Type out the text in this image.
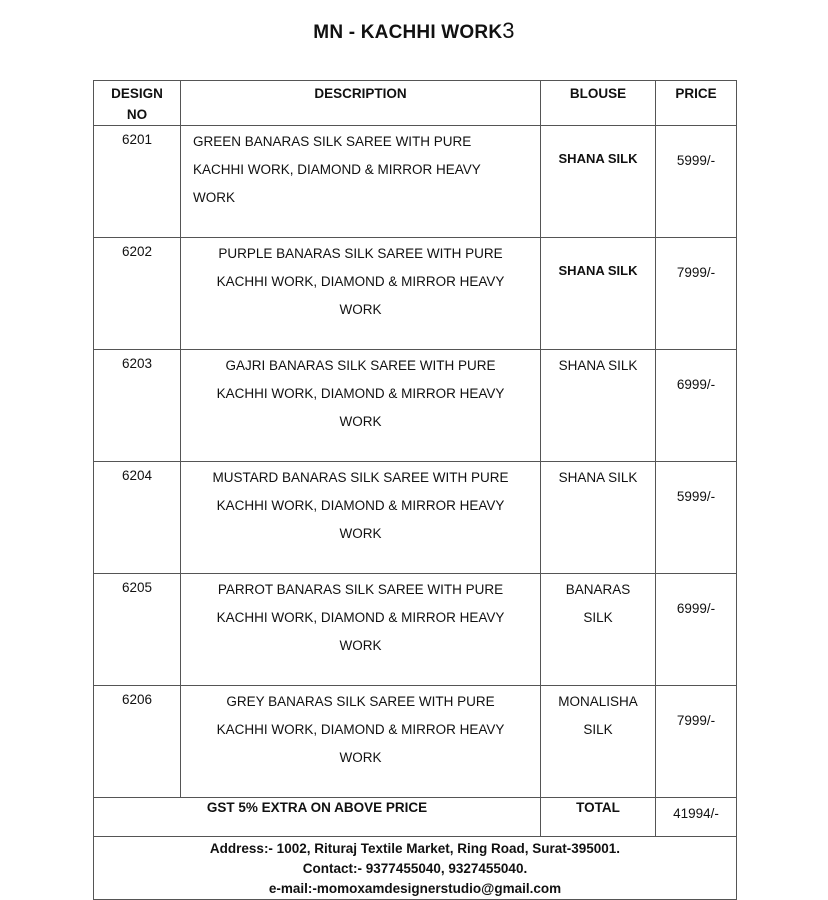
MN - KACHHI WORK3
DESIGN
NO	DESCRIPTION	BLOUSE	PRICE
6201	GREEN BANARAS SILK SAREE WITH PURE
KACHHI WORK, DIAMOND & MIRROR HEAVY
WORK	SHANA SILK	5999/-
6202	PURPLE BANARAS SILK SAREE WITH PURE
KACHHI WORK, DIAMOND & MIRROR HEAVY
WORK	SHANA SILK	7999/-
6203	GAJRI BANARAS SILK SAREE WITH PURE
KACHHI WORK, DIAMOND & MIRROR HEAVY
WORK	SHANA SILK	6999/-
6204	MUSTARD BANARAS SILK SAREE WITH PURE
KACHHI WORK, DIAMOND & MIRROR HEAVY
WORK	SHANA SILK	5999/-
6205	PARROT BANARAS SILK SAREE WITH PURE
KACHHI WORK, DIAMOND & MIRROR HEAVY
WORK	BANARAS
SILK	6999/-
6206	GREY BANARAS SILK SAREE WITH PURE
KACHHI WORK, DIAMOND & MIRROR HEAVY
WORK	MONALISHA
SILK	7999/-
GST 5% EXTRA ON ABOVE PRICE		TOTAL	41994/-

Address:- 1002, Rituraj Textile Market, Ring Road, Surat-395001.
Contact:- 9377455040, 9327455040.
e-mail:-momoxamdesignerstudio@gmail.com			
